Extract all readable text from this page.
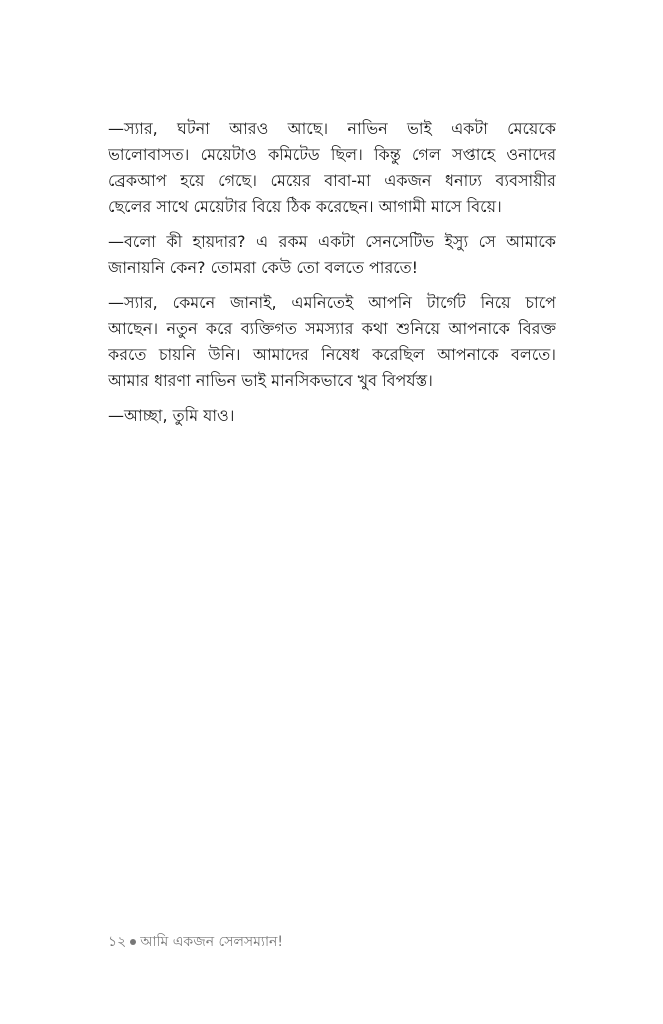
—স্যার, ঘটনা আরও আছে। নাভিন ভাই একটা মেয়েকে
ভালোবাসত। মেয়েটাও কমিটেড ছিল। কিন্তু গেল সপ্তাহে ওনাদের
ব্রেকআপ হয়ে গেছে। মেয়ের বাবা-মা একজন ধনাঢ্য ব্যবসায়ীর
ছেলের সাথে মেয়েটার বিয়ে ঠিক করেছেন। আগামী মাসে বিয়ে।
—বলো কী হায়দার? এ রকম একটা সেনসেটিভ ইস্যু সে আমাকে
জানায়নি কেন? তোমরা কেউ তো বলতে পারতে!
—স্যার, কেমনে জানাই, এমনিতেই আপনি টার্গেট নিয়ে চাপে
আছেন। নতুন করে ব্যক্তিগত সমস্যার কথা শুনিয়ে আপনাকে বিরক্ত
করতে চায়নি উনি। আমাদের নিষেধ করেছিল আপনাকে বলতে।
আমার ধারণা নাভিন ভাই মানসিকভাবে খুব বিপর্যস্ত।
—আচ্ছা, তুমি যাও।
১২ আমি একজন সেলসম্যান!
